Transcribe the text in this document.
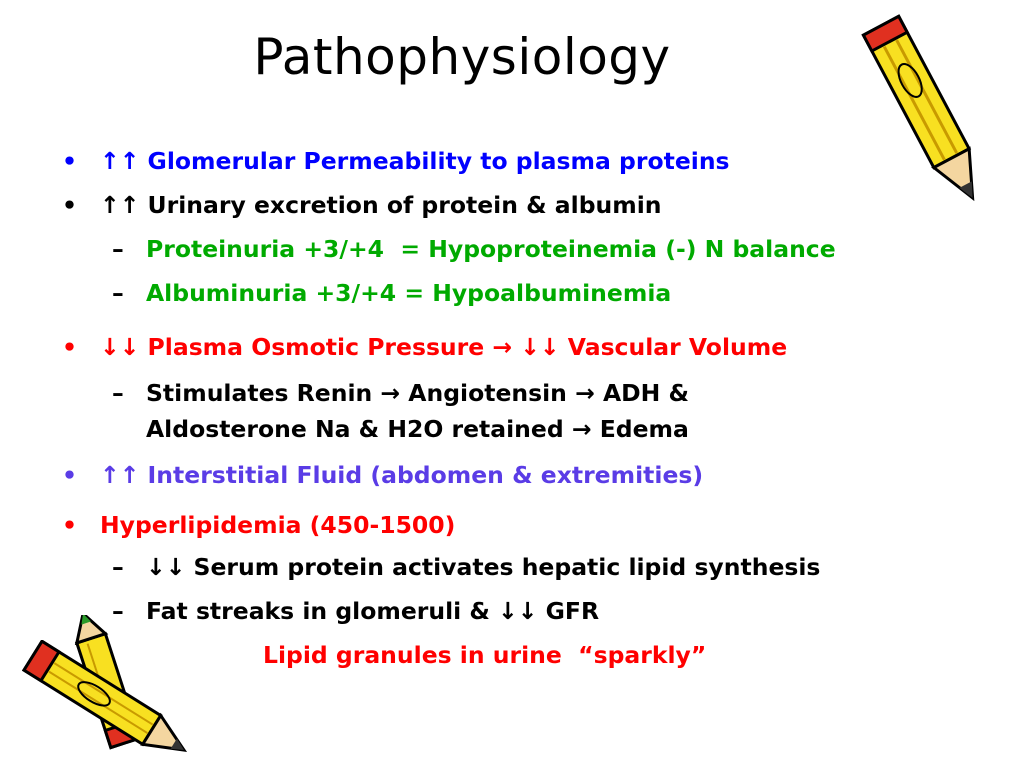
Pathophysiology
• ↑↑ Glomerular Permeability to plasma proteins
• ↑↑ Urinary excretion of protein & albumin
– Proteinuria +3/+4  = Hypoproteinemia (-) N balance
– Albuminuria +3/+4 = Hypoalbuminemia
• ↓↓ Plasma Osmotic Pressure → ↓↓ Vascular Volume
– Stimulates Renin → Angiotensin → ADH &
Aldosterone Na & H2O retained → Edema
• ↑↑ Interstitial Fluid (abdomen & extremities)
• Hyperlipidemia (450-1500)
– ↓↓ Serum protein activates hepatic lipid synthesis
– Fat streaks in glomeruli & ↓↓ GFR
Lipid granules in urine  “sparkly”
